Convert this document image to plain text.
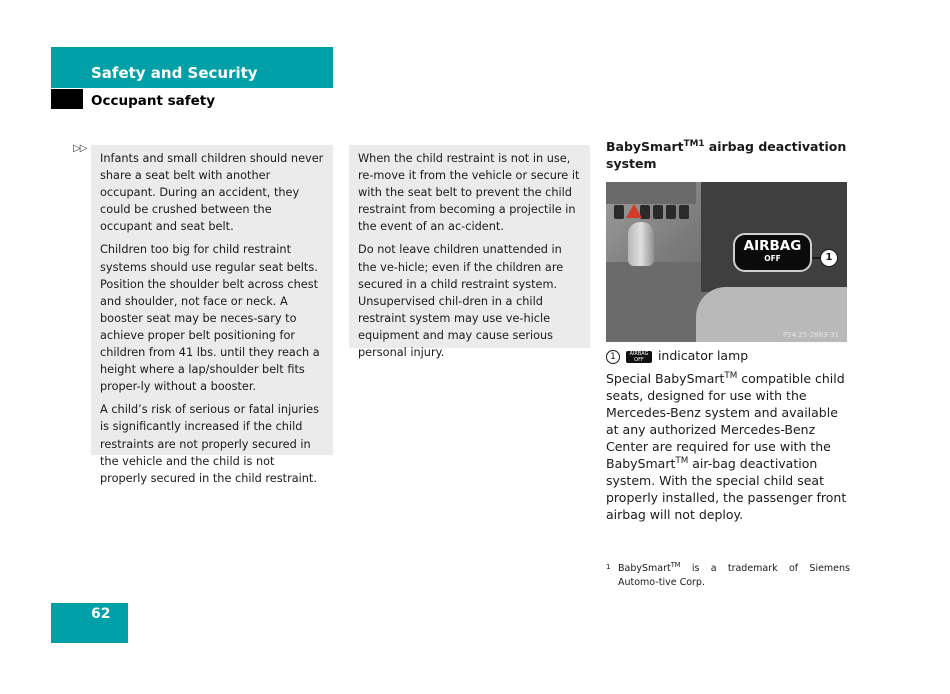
Safety and Security
Occupant safety
▷▷

Infants and small children should never share a seat belt with another occupant. During an accident, they could be crushed between the occupant and seat belt.

Children too big for child restraint systems should use regular seat belts. Position the shoulder belt across chest and shoulder, not face or neck. A booster seat may be neces-sary to achieve proper belt positioning for children from 41 lbs. until they reach a height where a lap/shoulder belt fits proper-ly without a booster.

A child’s risk of serious or fatal injuries is significantly increased if the child restraints are not properly secured in the vehicle and the child is not properly secured in the child restraint.

When the child restraint is not in use, re-move it from the vehicle or secure it with the seat belt to prevent the child restraint from becoming a projectile in the event of an ac-cident.

Do not leave children unattended in the ve-hicle; even if the children are secured in a child restraint system. Unsupervised chil-dren in a child restraint system may use ve-hicle equipment and may cause serious personal injury.

BabySmart$^{TM1}$ airbag deactivation system

AIRBAG
OFF	1
P54.25-2883-31
1	AIRBAG
OFF indicator lamp

Special BabySmart™ compatible child seats, designed for use with the Mercedes-Benz system and available at any authorized Mercedes-Benz Center are required for use with the BabySmart™ air-bag deactivation system. With the special child seat properly installed, the passenger front airbag will not deploy.

1 BabySmart™ is a trademark of Siemens Automo-tive Corp.

62
